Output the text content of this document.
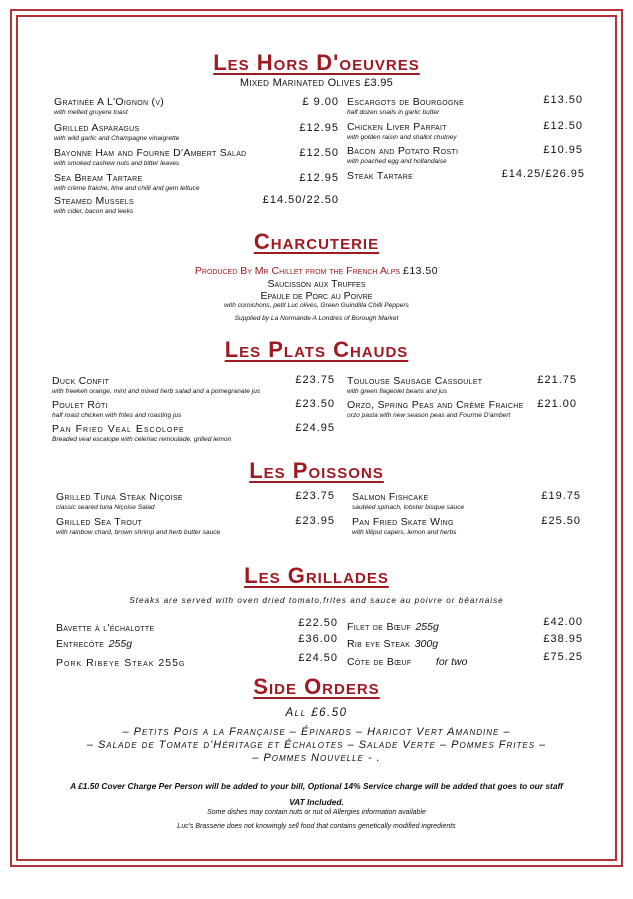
Les Hors D'oeuvres
Mixed Marinated Olives £3.95
Gratinée A L'Oignon (v)
with melted gruyere toast
£ 9.00
Grilled Asparagus
with wild garlic and Champagne vinaigrette
£12.95
Bayonne Ham and Fourne D'Ambert Salad
with smoked cashew nuts and bitter leaves
£12.50
Sea Bream Tartare
with crème fraiche, lime and chilli and gem lettuce
£12.95
Steamed Mussels
with cider, bacon and leeks
£14.50/22.50
Escargots de Bourgogne
half dozen snails in garlic butter
£13.50
Chicken Liver Parfait
with golden raisin and shallot chutney
£12.50
Bacon and Potato Rosti
with poached egg and hollandaise
£10.95
Steak Tartare	£14.25/£26.95
Charcuterie
Produced By Mr Chillet from the French Alps £13.50
Saucisson aux Truffes
Epaule de Porc au Poivre
with cornichons, petit Luc olives, Green Guindilla Chilli Peppers
Supplied by La Normande A Londres of Borough Market
Les Plats Chauds
Duck Confit
with freekeh orange, mint and mixed herb salad and a pomegranate jus
£23.75
Poulet Rôti
half roast chicken with frites and roasting jus
£23.50
Pan Fried Veal Escolope
Breaded veal escalope with celeriac remoulade, grilled lemon
£24.95
Toulouse Sausage Cassoulet
with green flageolet beans and jus
£21.75
Orzo, Spring Peas and Crème Fraiche
orzo pasta with new season peas and Fourme D'ambert
£21.00
Les Poissons
Grilled Tuna Steak Niçoise
classic seared tuna Niçoise Salad
£23.75
Grilled Sea Trout
with rainbow chard, brown shrimp and herb butter sauce
£23.95
Salmon Fishcake
sautéed spinach, lobster bisque sauce
£19.75
Pan Fried Skate Wing
with lilliput capers, lemon and herbs
£25.50
Les Grillades
Steaks are served with oven dried tomato,frites and sauce au poivre or béarnaise
Bavette à l'échalotte	£22.50
Entrecôte 255g	£36.00
Pork Ribeye Steak 255g	£24.50
Filet de Bœuf 255g	£42.00
Rib eye Steak 300g	£38.95
Côte de Bœuf for two	£75.25
Side Orders
All £6.50
– Petits Pois a la Française – Épinards – Haricot Vert Amandine –
– Salade de Tomate d'Héritage et Échalotes – Salade Verte – Pommes Frites –
– Pommes Nouvelle - .
A £1.50 Cover Charge Per Person will be added to your bill, Optional 14% Service charge will be added that goes to our staff
VAT Included.
Some dishes may contain nuts or nut oil Allergies information available
Luc's Brasserie does not knowingly sell food that contains genetically modified ingredients
